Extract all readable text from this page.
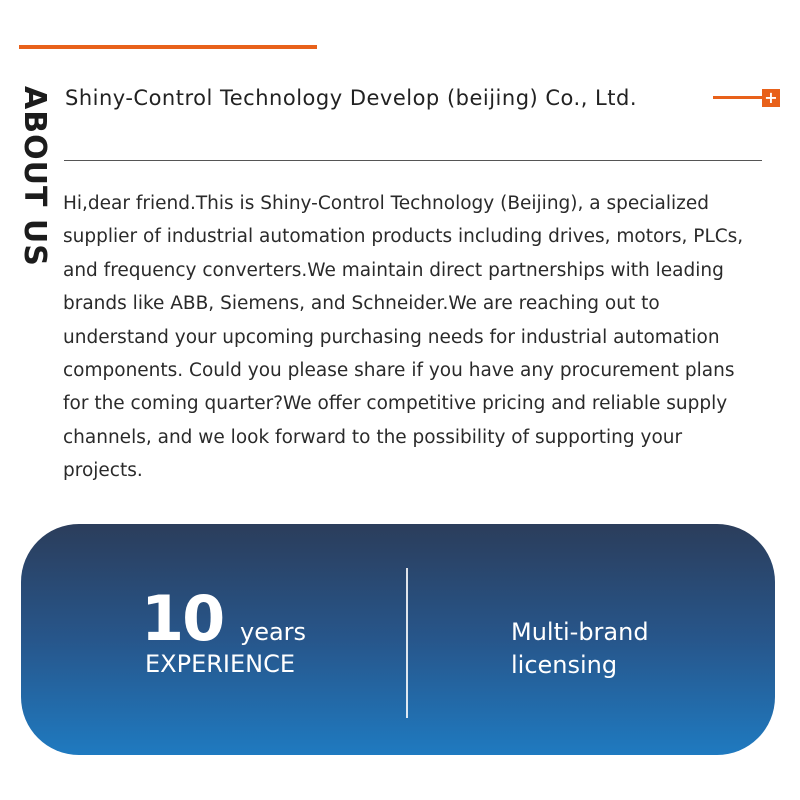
ABOUT US Shiny-Control Technology Develop (beijing) Co., Ltd.	+

Hi,dear friend.This is Shiny-Control Technology (Beijing), a specialized supplier of industrial automation products including drives, motors, PLCs, and frequency converters.We maintain direct partnerships with leading brands like ABB, Siemens, and Schneider.We are reaching out to understand your upcoming purchasing needs for industrial automation components. Could you please share if you have any procurement plans for the coming quarter?We offer competitive pricing and reliable supply channels, and we look forward to the possibility of supporting your projects.

10 years
EXPERIENCE
Multi-brand
licensing
